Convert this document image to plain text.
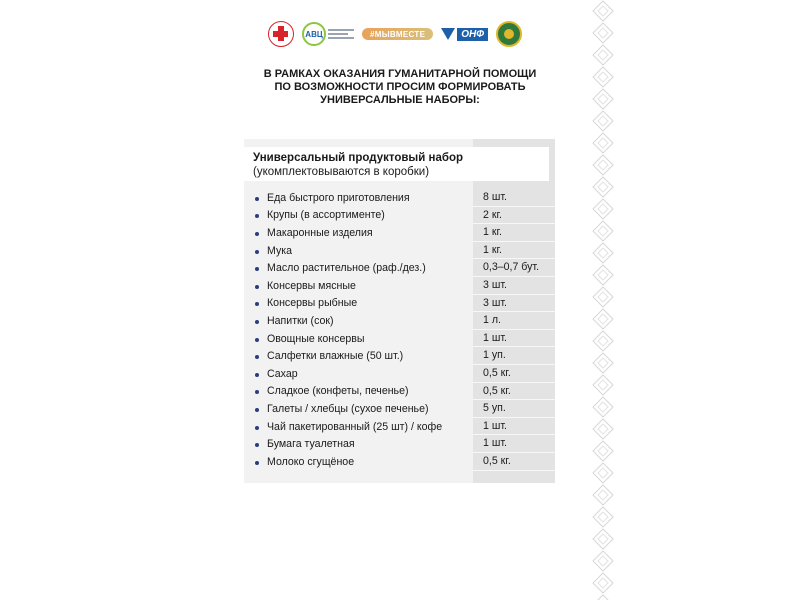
АВЦ	#МЫВМЕСТЕ	ОНФ
В РАМКАХ ОКАЗАНИЯ ГУМАНИТАРНОЙ ПОМОЩИ
ПО ВОЗМОЖНОСТИ ПРОСИМ ФОРМИРОВАТЬ
УНИВЕРСАЛЬНЫЕ НАБОРЫ:
Универсальный продуктовый набор
(укомплектовываются в коробки)
Еда быстрого приготовления	8 шт.
Крупы (в ассортименте)	2 кг.
Макаронные изделия	1 кг.
Мука	1 кг.
Масло растительное (раф./дез.)	0,3–0,7 бут.
Консервы мясные	3 шт.
Консервы рыбные	3 шт.
Напитки (сок)	1 л.
Овощные консервы	1 шт.
Салфетки влажные (50 шт.)	1 уп.
Сахар	0,5 кг.
Сладкое (конфеты, печенье)	0,5 кг.
Галеты / хлебцы (сухое печенье)	5 уп.
Чай пакетированный (25 шт) / кофе	1 шт.
Бумага туалетная	1 шт.
Молоко сгущёное	0,5 кг.
